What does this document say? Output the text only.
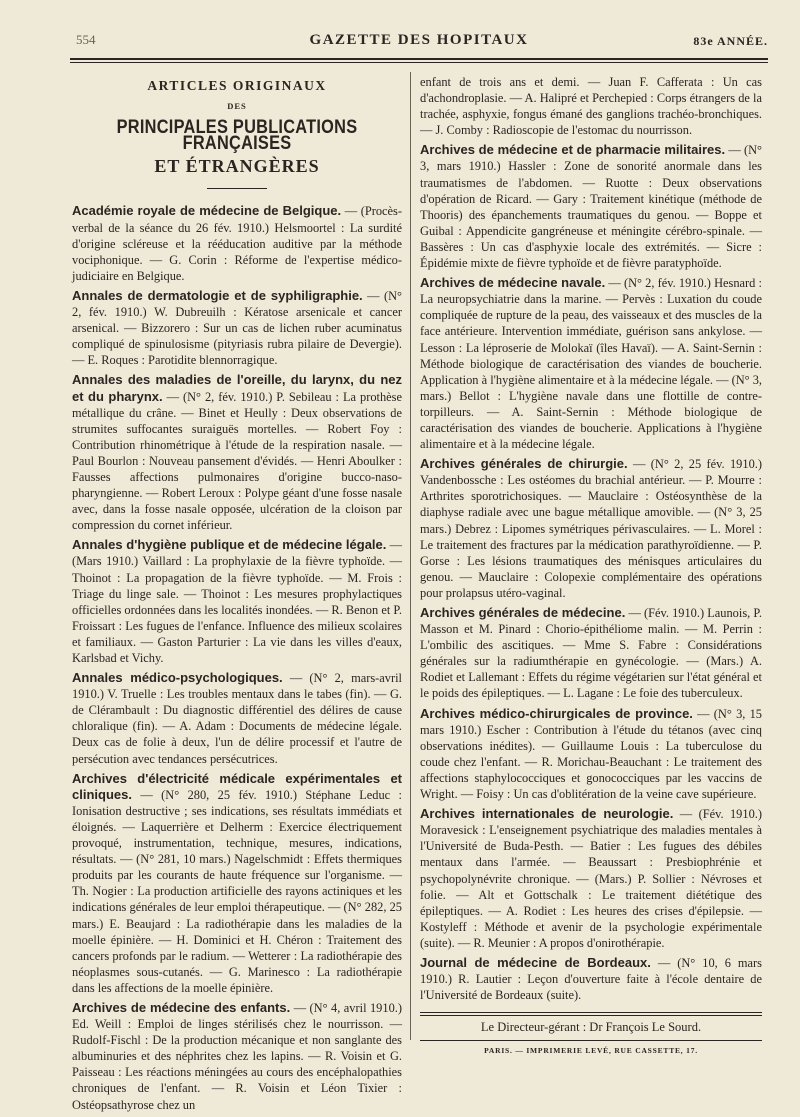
554	GAZETTE DES HOPITAUX	83e ANNÉE.
ARTICLES ORIGINAUX
DES
PRINCIPALES PUBLICATIONS FRANÇAISES
ET ÉTRANGÈRES

Académie royale de médecine de Belgique. — (Procès-verbal de la séance du 26 fév. 1910.) Helsmoortel : La surdité d'origine scléreuse et la rééducation auditive par la méthode vociphonique. — G. Corin : Réforme de l'expertise médico-judiciaire en Belgique.

Annales de dermatologie et de syphiligraphie. — (N° 2, fév. 1910.) W. Dubreuilh : Kératose arsenicale et cancer arsenical. — Bizzorero : Sur un cas de lichen ruber acuminatus compliqué de spinulosisme (pityriasis rubra pilaire de Devergie). — E. Roques : Parotidite blennorragique.

Annales des maladies de l'oreille, du larynx, du nez et du pharynx. — (N° 2, fév. 1910.) P. Sebileau : La prothèse métallique du crâne. — Binet et Heully : Deux observations de strumites suffocantes suraiguës mortelles. — Robert Foy : Contribution rhinométrique à l'étude de la respiration nasale. — Paul Bourlon : Nouveau pansement d'évidés. — Henri Aboulker : Fausses affections pulmonaires d'origine bucco-naso-pharyngienne. — Robert Leroux : Polype géant d'une fosse nasale avec, dans la fosse nasale opposée, ulcération de la cloison par compression du cornet inférieur.

Annales d'hygiène publique et de médecine légale. — (Mars 1910.) Vaillard : La prophylaxie de la fièvre typhoïde. — Thoinot : La propagation de la fièvre typhoïde. — M. Frois : Triage du linge sale. — Thoinot : Les mesures prophylactiques officielles ordonnées dans les localités inondées. — R. Benon et P. Froissart : Les fugues de l'enfance. Influence des milieux scolaires et familiaux. — Gaston Parturier : La vie dans les villes d'eaux, Karlsbad et Vichy.

Annales médico-psychologiques. — (N° 2, mars-avril 1910.) V. Truelle : Les troubles mentaux dans le tabes (fin). — G. de Clérambault : Du diagnostic différentiel des délires de cause chloralique (fin). — A. Adam : Documents de médecine légale. Deux cas de folie à deux, l'un de délire processif et l'autre de persécution avec tendances persécutrices.

Archives d'électricité médicale expérimentales et cliniques. — (N° 280, 25 fév. 1910.) Stéphane Leduc : Ionisation destructive ; ses indications, ses résultats immédiats et éloignés. — Laquerrière et Delherm : Exercice électriquement provoqué, instrumentation, technique, mesures, indications, résultats. — (N° 281, 10 mars.) Nagelschmidt : Effets thermiques produits par les courants de haute fréquence sur l'organisme. — Th. Nogier : La production artificielle des rayons actiniques et les indications générales de leur emploi thérapeutique. — (N° 282, 25 mars.) E. Beaujard : La radiothérapie dans les maladies de la moelle épinière. — H. Dominici et H. Chéron : Traitement des cancers profonds par le radium. — Wetterer : La radiothérapie des néoplasmes sous-cutanés. — G. Marinesco : La radiothérapie dans les affections de la moelle épinière.

Archives de médecine des enfants. — (N° 4, avril 1910.) Ed. Weill : Emploi de linges stérilisés chez le nourrisson. — Rudolf-Fischl : De la production mécanique et non sanglante des albuminuries et des néphrites chez les lapins. — R. Voisin et G. Paisseau : Les réactions méningées au cours des encéphalopathies chroniques de l'enfant. — R. Voisin et Léon Tixier : Ostéopsathyrose chez un

enfant de trois ans et demi. — Juan F. Cafferata : Un cas d'achondroplasie. — A. Halipré et Perchepied : Corps étrangers de la trachée, asphyxie, fongus émané des ganglions trachéo-bronchiques. — J. Comby : Radioscopie de l'estomac du nourrisson.

Archives de médecine et de pharmacie militaires. — (N° 3, mars 1910.) Hassler : Zone de sonorité anormale dans les traumatismes de l'abdomen. — Ruotte : Deux observations d'opération de Ricard. — Gary : Traitement kinétique (méthode de Thooris) des épanchements traumatiques du genou. — Boppe et Guibal : Appendicite gangréneuse et méningite cérébro-spinale. — Bassères : Un cas d'asphyxie locale des extrémités. — Sicre : Épidémie mixte de fièvre typhoïde et de fièvre paratyphoïde.

Archives de médecine navale. — (N° 2, fév. 1910.) Hesnard : La neuropsychiatrie dans la marine. — Pervès : Luxation du coude compliquée de rupture de la peau, des vaisseaux et des muscles de la face antérieure. Intervention immédiate, guérison sans ankylose. — Lesson : La léproserie de Molokaï (îles Havaï). — A. Saint-Sernin : Méthode biologique de caractérisation des viandes de boucherie. Application à l'hygiène alimentaire et à la médecine légale. — (N° 3, mars.) Bellot : L'hygiène navale dans une flottille de contre-torpilleurs. — A. Saint-Sernin : Méthode biologique de caractérisation des viandes de boucherie. Applications à l'hygiène alimentaire et à la médecine légale.

Archives générales de chirurgie. — (N° 2, 25 fév. 1910.) Vandenbossche : Les ostéomes du brachial antérieur. — P. Mourre : Arthrites sporotrichosiques. — Mauclaire : Ostéosynthèse de la diaphyse radiale avec une bague métallique amovible. — (N° 3, 25 mars.) Debrez : Lipomes symétriques périvasculaires. — L. Morel : Le traitement des fractures par la médication parathyroïdienne. — P. Gorse : Les lésions traumatiques des ménisques articulaires du genou. — Mauclaire : Colopexie complémentaire des opérations pour prolapsus utéro-vaginal.

Archives générales de médecine. — (Fév. 1910.) Launois, P. Masson et M. Pinard : Chorio-épithéliome malin. — M. Perrin : L'ombilic des ascitiques. — Mme S. Fabre : Considérations générales sur la radiumthérapie en gynécologie. — (Mars.) A. Rodiet et Lallemant : Effets du régime végétarien sur l'état général et le poids des épileptiques. — L. Lagane : Le foie des tuberculeux.

Archives médico-chirurgicales de province. — (N° 3, 15 mars 1910.) Escher : Contribution à l'étude du tétanos (avec cinq observations inédites). — Guillaume Louis : La tuberculose du coude chez l'enfant. — R. Morichau-Beauchant : Le traitement des affections staphylococciques et gonococciques par les vaccins de Wright. — Foisy : Un cas d'oblitération de la veine cave supérieure.

Archives internationales de neurologie. — (Fév. 1910.) Moravesick : L'enseignement psychiatrique des maladies mentales à l'Université de Buda-Pesth. — Batier : Les fugues des débiles mentaux dans l'armée. — Beaussart : Presbiophrénie et psychopolynévrite chronique. — (Mars.) P. Sollier : Névroses et folie. — Alt et Gottschalk : Le traitement diététique des épileptiques. — A. Rodiet : Les heures des crises d'épilepsie. — Kostyleff : Méthode et avenir de la psychologie expérimentale (suite). — R. Meunier : A propos d'onirothérapie.

Journal de médecine de Bordeaux. — (N° 10, 6 mars 1910.) R. Lautier : Leçon d'ouverture faite à l'école dentaire de l'Université de Bordeaux (suite).

Le Directeur-gérant : Dr François Le Sourd.
PARIS. — IMPRIMERIE LEVÉ, RUE CASSETTE, 17.
